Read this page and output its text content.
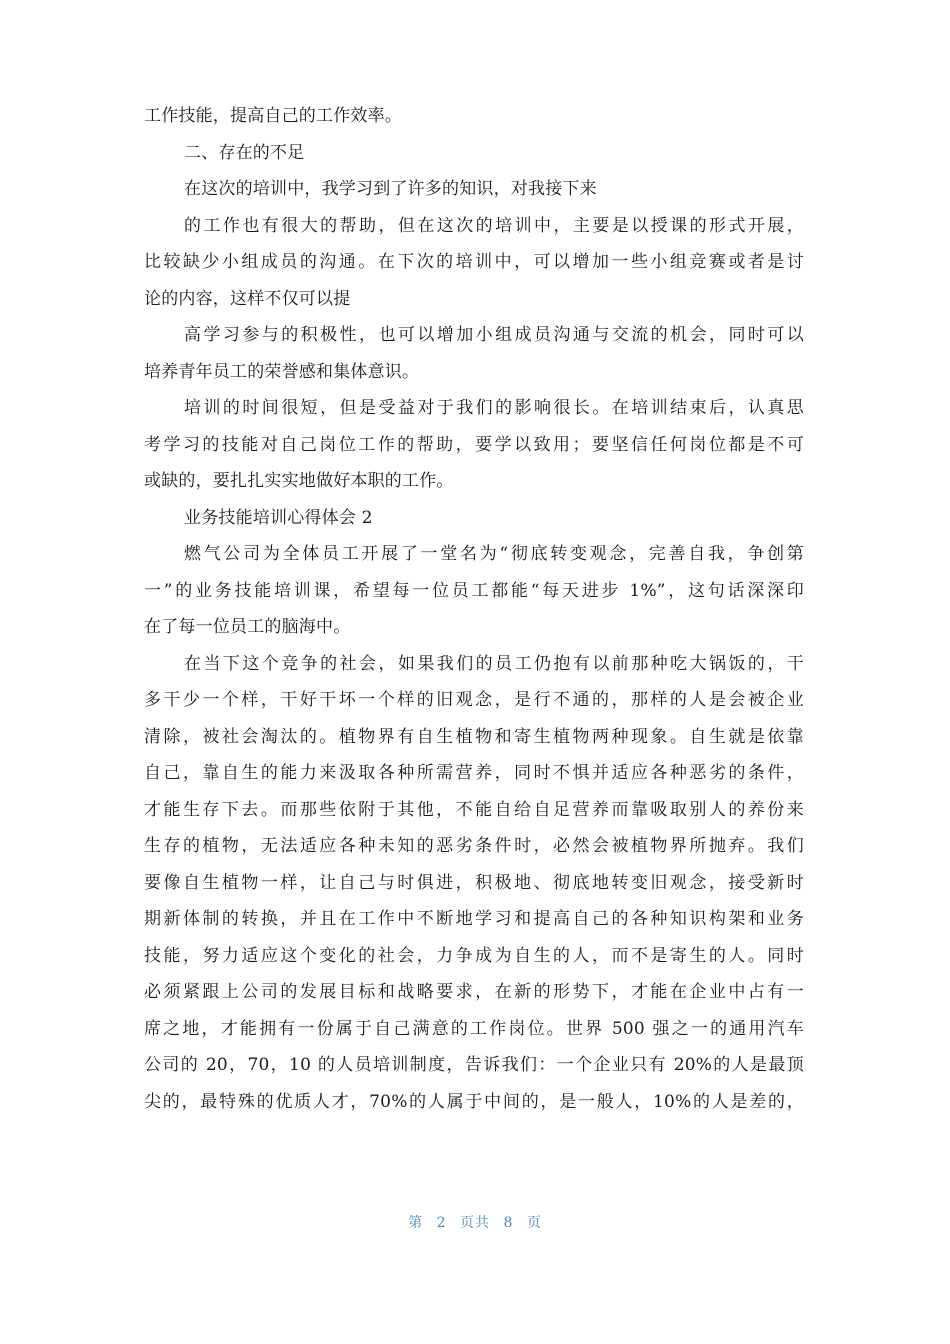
工作技能，提高自己的工作效率。
二、存在的不足
在这次的培训中，我学习到了许多的知识，对我接下来
的工作也有很大的帮助，但在这次的培训中，主要是以授课的形式开展，
比较缺少小组成员的沟通。在下次的培训中，可以增加一些小组竞赛或者是讨
论的内容，这样不仅可以提
高学习参与的积极性，也可以增加小组成员沟通与交流的机会，同时可以
培养青年员工的荣誉感和集体意识。
培训的时间很短，但是受益对于我们的影响很长。在培训结束后，认真思
考学习的技能对自己岗位工作的帮助，要学以致用；要坚信任何岗位都是不可
或缺的，要扎扎实实地做好本职的工作。
业务技能培训心得体会 2
燃气公司为全体员工开展了一堂名为“彻底转变观念，完善自我，争创第
一”的业务技能培训课，希望每一位员工都能“每天进步 1%”，这句话深深印
在了每一位员工的脑海中。
在当下这个竞争的社会，如果我们的员工仍抱有以前那种吃大锅饭的，干
多干少一个样，干好干坏一个样的旧观念，是行不通的，那样的人是会被企业
清除，被社会淘汰的。植物界有自生植物和寄生植物两种现象。自生就是依靠
自己，靠自生的能力来汲取各种所需营养，同时不惧并适应各种恶劣的条件，
才能生存下去。而那些依附于其他，不能自给自足营养而靠吸取别人的养份来
生存的植物，无法适应各种未知的恶劣条件时，必然会被植物界所抛弃。我们
要像自生植物一样，让自己与时俱进，积极地、彻底地转变旧观念，接受新时
期新体制的转换，并且在工作中不断地学习和提高自己的各种知识构架和业务
技能，努力适应这个变化的社会，力争成为自生的人，而不是寄生的人。同时
必须紧跟上公司的发展目标和战略要求，在新的形势下，才能在企业中占有一
席之地，才能拥有一份属于自己满意的工作岗位。世界 500 强之一的通用汽车
公司的 20，70，10 的人员培训制度，告诉我们：一个企业只有 20%的人是最顶
尖的，最特殊的优质人才，70%的人属于中间的，是一般人，10%的人是差的，
第 2 页共 8 页
